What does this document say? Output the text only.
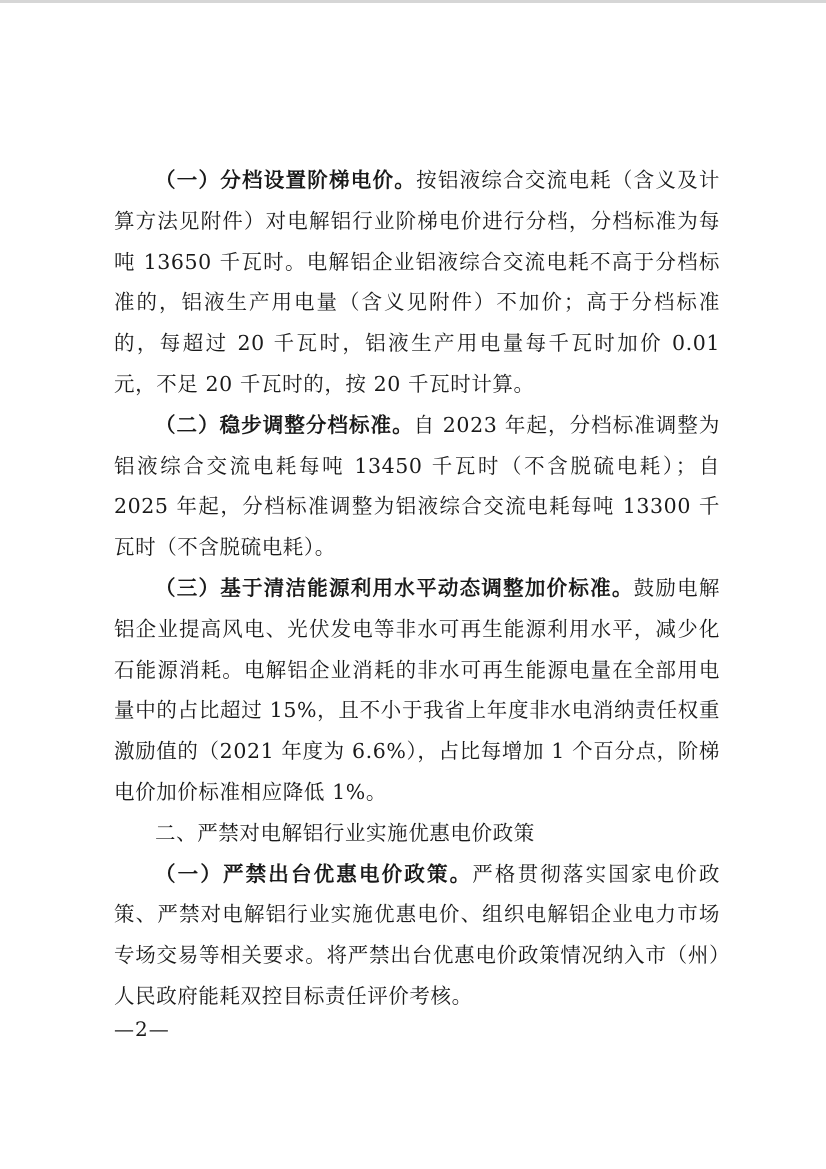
（一）分档设置阶梯电价。按铝液综合交流电耗（含义及计算方法见附件）对电解铝行业阶梯电价进行分档，分档标准为每吨 13650 千瓦时。电解铝企业铝液综合交流电耗不高于分档标准的，铝液生产用电量（含义见附件）不加价；高于分档标准的，每超过 20 千瓦时，铝液生产用电量每千瓦时加价 0.01 元，不足 20 千瓦时的，按 20 千瓦时计算。

（二）稳步调整分档标准。自 2023 年起，分档标准调整为铝液综合交流电耗每吨 13450 千瓦时（不含脱硫电耗）；自 2025 年起，分档标准调整为铝液综合交流电耗每吨 13300 千瓦时（不含脱硫电耗）。

（三）基于清洁能源利用水平动态调整加价标准。鼓励电解铝企业提高风电、光伏发电等非水可再生能源利用水平，减少化石能源消耗。电解铝企业消耗的非水可再生能源电量在全部用电量中的占比超过 15%，且不小于我省上年度非水电消纳责任权重激励值的（2021 年度为 6.6%），占比每增加 1 个百分点，阶梯电价加价标准相应降低 1%。

二、严禁对电解铝行业实施优惠电价政策

（一）严禁出台优惠电价政策。严格贯彻落实国家电价政策、严禁对电解铝行业实施优惠电价、组织电解铝企业电力市场专场交易等相关要求。将严禁出台优惠电价政策情况纳入市（州）人民政府能耗双控目标责任评价考核。

—2—
